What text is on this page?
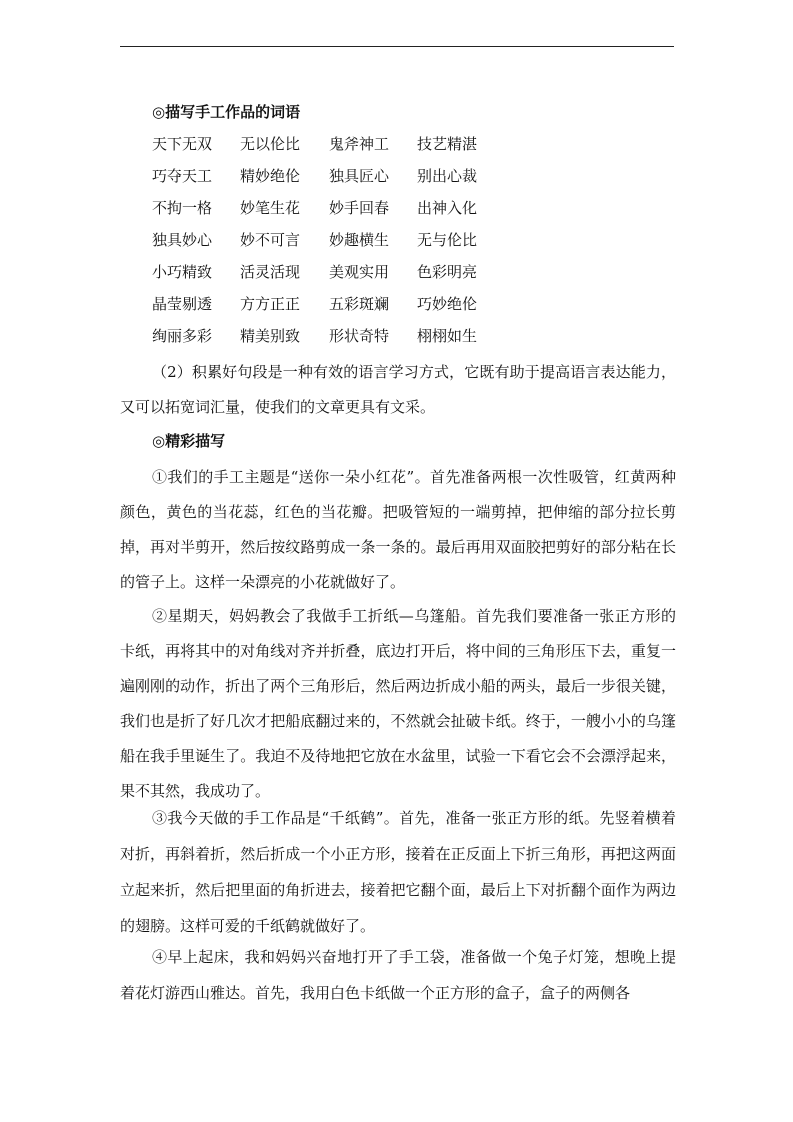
◎描写手工作品的词语
天下无双 无以伦比 鬼斧神工 技艺精湛
巧夺天工 精妙绝伦 独具匠心 别出心裁
不拘一格 妙笔生花 妙手回春 出神入化
独具妙心 妙不可言 妙趣横生 无与伦比
小巧精致 活灵活现 美观实用 色彩明亮
晶莹剔透 方方正正 五彩斑斓 巧妙绝伦
绚丽多彩 精美别致 形状奇特 栩栩如生
（2）积累好句段是一种有效的语言学习方式，它既有助于提高语言表达能力，又可以拓宽词汇量，使我们的文章更具有文采。
◎精彩描写
①我们的手工主题是“送你一朵小红花”。首先准备两根一次性吸管，红黄两种颜色，黄色的当花蕊，红色的当花瓣。把吸管短的一端剪掉，把伸缩的部分拉长剪掉，再对半剪开，然后按纹路剪成一条一条的。最后再用双面胶把剪好的部分粘在长的管子上。这样一朵漂亮的小花就做好了。
②星期天，妈妈教会了我做手工折纸—乌篷船。首先我们要准备一张正方形的卡纸，再将其中的对角线对齐并折叠，底边打开后，将中间的三角形压下去，重复一遍刚刚的动作，折出了两个三角形后，然后两边折成小船的两头，最后一步很关键，我们也是折了好几次才把船底翻过来的，不然就会扯破卡纸。终于，一艘小小的乌篷船在我手里诞生了。我迫不及待地把它放在水盆里，试验一下看它会不会漂浮起来，果不其然，我成功了。
③我今天做的手工作品是“千纸鹤”。首先，准备一张正方形的纸。先竖着横着对折，再斜着折，然后折成一个小正方形，接着在正反面上下折三角形，再把这两面立起来折，然后把里面的角折进去，接着把它翻个面，最后上下对折翻个面作为两边的翅膀。这样可爱的千纸鹤就做好了。
④早上起床，我和妈妈兴奋地打开了手工袋，准备做一个兔子灯笼，想晚上提着花灯游西山雅达。首先，我用白色卡纸做一个正方形的盒子，盒子的两侧各
